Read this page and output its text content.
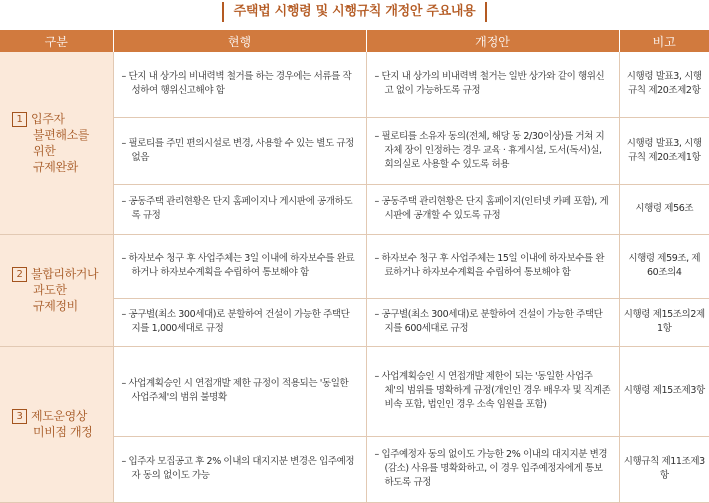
주택법 시행령 및 시행규칙 개정안 주요내용
구분	현행	개정안	비고

1 입주자
불편해소를
위한
규제완화	– 단지 내 상가의 비내력벽 철거를 하는 경우에는 서류를 작성하여 행위신고해야 함	– 단지 내 상가의 비내력벽 철거는 일반 상가와 같이 행위신고 없이 가능하도록 규정	시행령 발표3, 시행규칙 제20조제2항

	– 필로티를 주민 편의시설로 변경, 사용할 수 있는 별도 규정 없음	– 필로티를 소유자 동의(전체, 해당 동 2/30이상)를 거쳐 지자체 장이 인정하는 경우 교육 · 휴게시설, 도서(독서)실, 회의실로 사용할 수 있도록 허용	시행령 발표3, 시행규칙 제20조제1항

	– 공동주택 관리현황은 단지 홈페이지나 게시판에 공개하도록 규정	– 공동주택 관리현황은 단지 홈페이지(인터넷 카페 포함), 게시판에 공개할 수 있도록 규정	시행령 제56조

2 불합리하거나
과도한
규제정비	– 하자보수 청구 후 사업주체는 3일 이내에 하자보수를 완료하거나 하자보수계획을 수립하여 통보해야 함	– 하자보수 청구 후 사업주체는 15일 이내에 하자보수를 완료하거나 하자보수계획을 수립하여 통보해야 함	시행령 제59조, 제60조의4

	– 공구별(최소 300세대)로 분할하여 건설이 가능한 주택단지를 1,000세대로 규정	– 공구별(최소 300세대)로 분할하여 건설이 가능한 주택단지를 600세대로 규정	시행령 제15조의2제1항

3 제도운영상
미비점 개정	– 사업계획승인 시 연접개발 제한 규정이 적용되는 '동일한 사업주체'의 범위 불명확	– 사업계획승인 시 연접개발 제한이 되는 '동일한 사업주체'의 범위를 명확하게 규정(개인인 경우 배우자 및 직계존비속 포함, 법인인 경우 소속 임원을 포함)	시행령 제15조제3항

	– 입주자 모집공고 후 2% 이내의 대지지분 변경은 입주예정자 동의 없이도 가능	– 입주예정자 동의 없이도 가능한 2% 이내의 대지지분 변경(감소) 사유를 명확화하고, 이 경우 입주예정자에게 통보하도록 규정	시행규칙 제11조제3항
